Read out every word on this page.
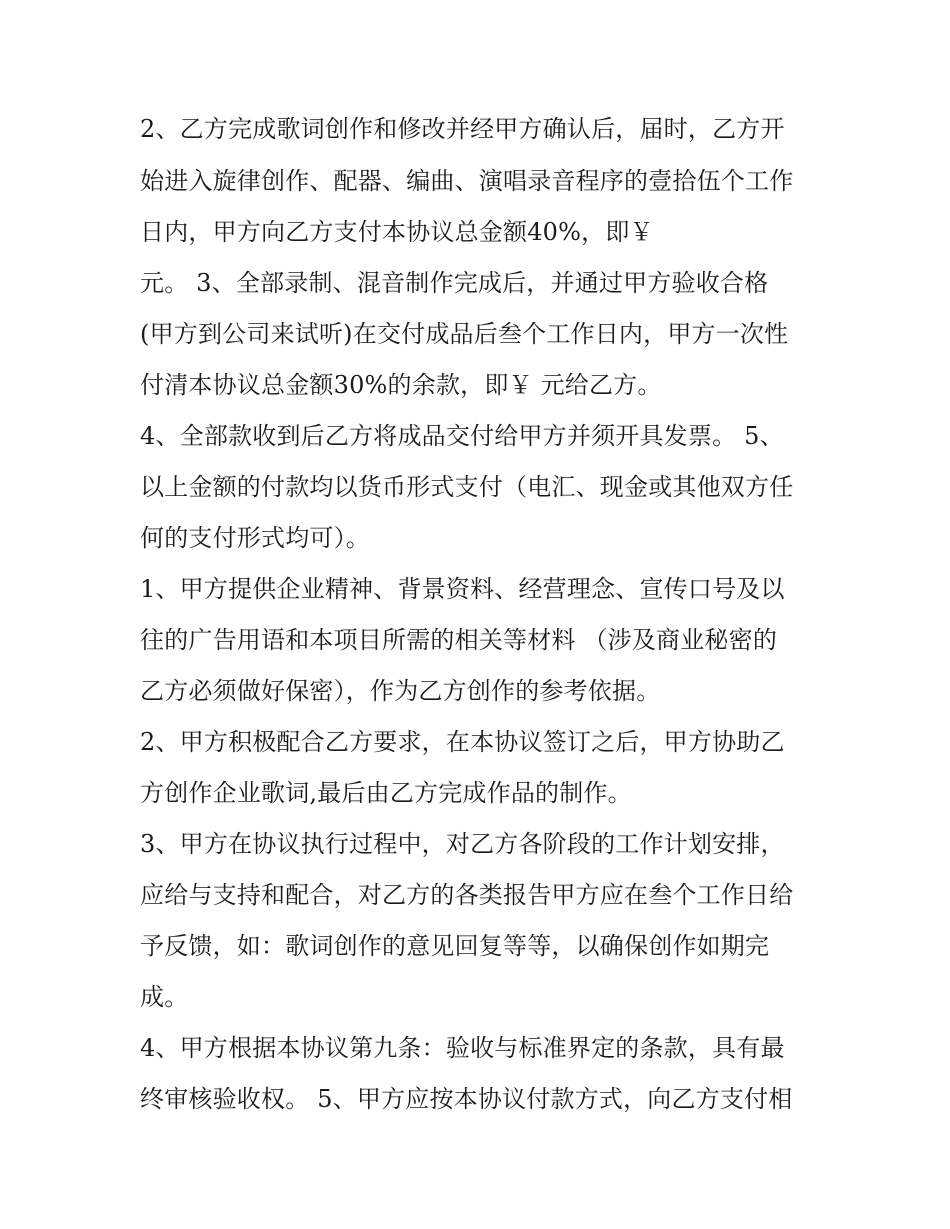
2、乙方完成歌词创作和修改并经甲方确认后，届时，乙方开
始进入旋律创作、配器、编曲、演唱录音程序的壹拾伍个工作
日内，甲方向乙方支付本协议总金额40%，即￥
元。 3、全部录制、混音制作完成后，并通过甲方验收合格
(甲方到公司来试听)在交付成品后叁个工作日内，甲方一次性
付清本协议总金额30%的余款，即￥ 元给乙方。
4、全部款收到后乙方将成品交付给甲方并须开具发票。 5、
以上金额的付款均以货币形式支付（电汇、现金或其他双方任
何的支付形式均可）。
1、甲方提供企业精神、背景资料、经营理念、宣传口号及以
往的广告用语和本项目所需的相关等材料 （涉及商业秘密的
乙方必须做好保密），作为乙方创作的参考依据。
2、甲方积极配合乙方要求，在本协议签订之后，甲方协助乙
方创作企业歌词,最后由乙方完成作品的制作。
3、甲方在协议执行过程中，对乙方各阶段的工作计划安排，
应给与支持和配合，对乙方的各类报告甲方应在叁个工作日给
予反馈，如：歌词创作的意见回复等等，以确保创作如期完
成。
4、甲方根据本协议第九条：验收与标准界定的条款，具有最
终审核验收权。 5、甲方应按本协议付款方式，向乙方支付相
